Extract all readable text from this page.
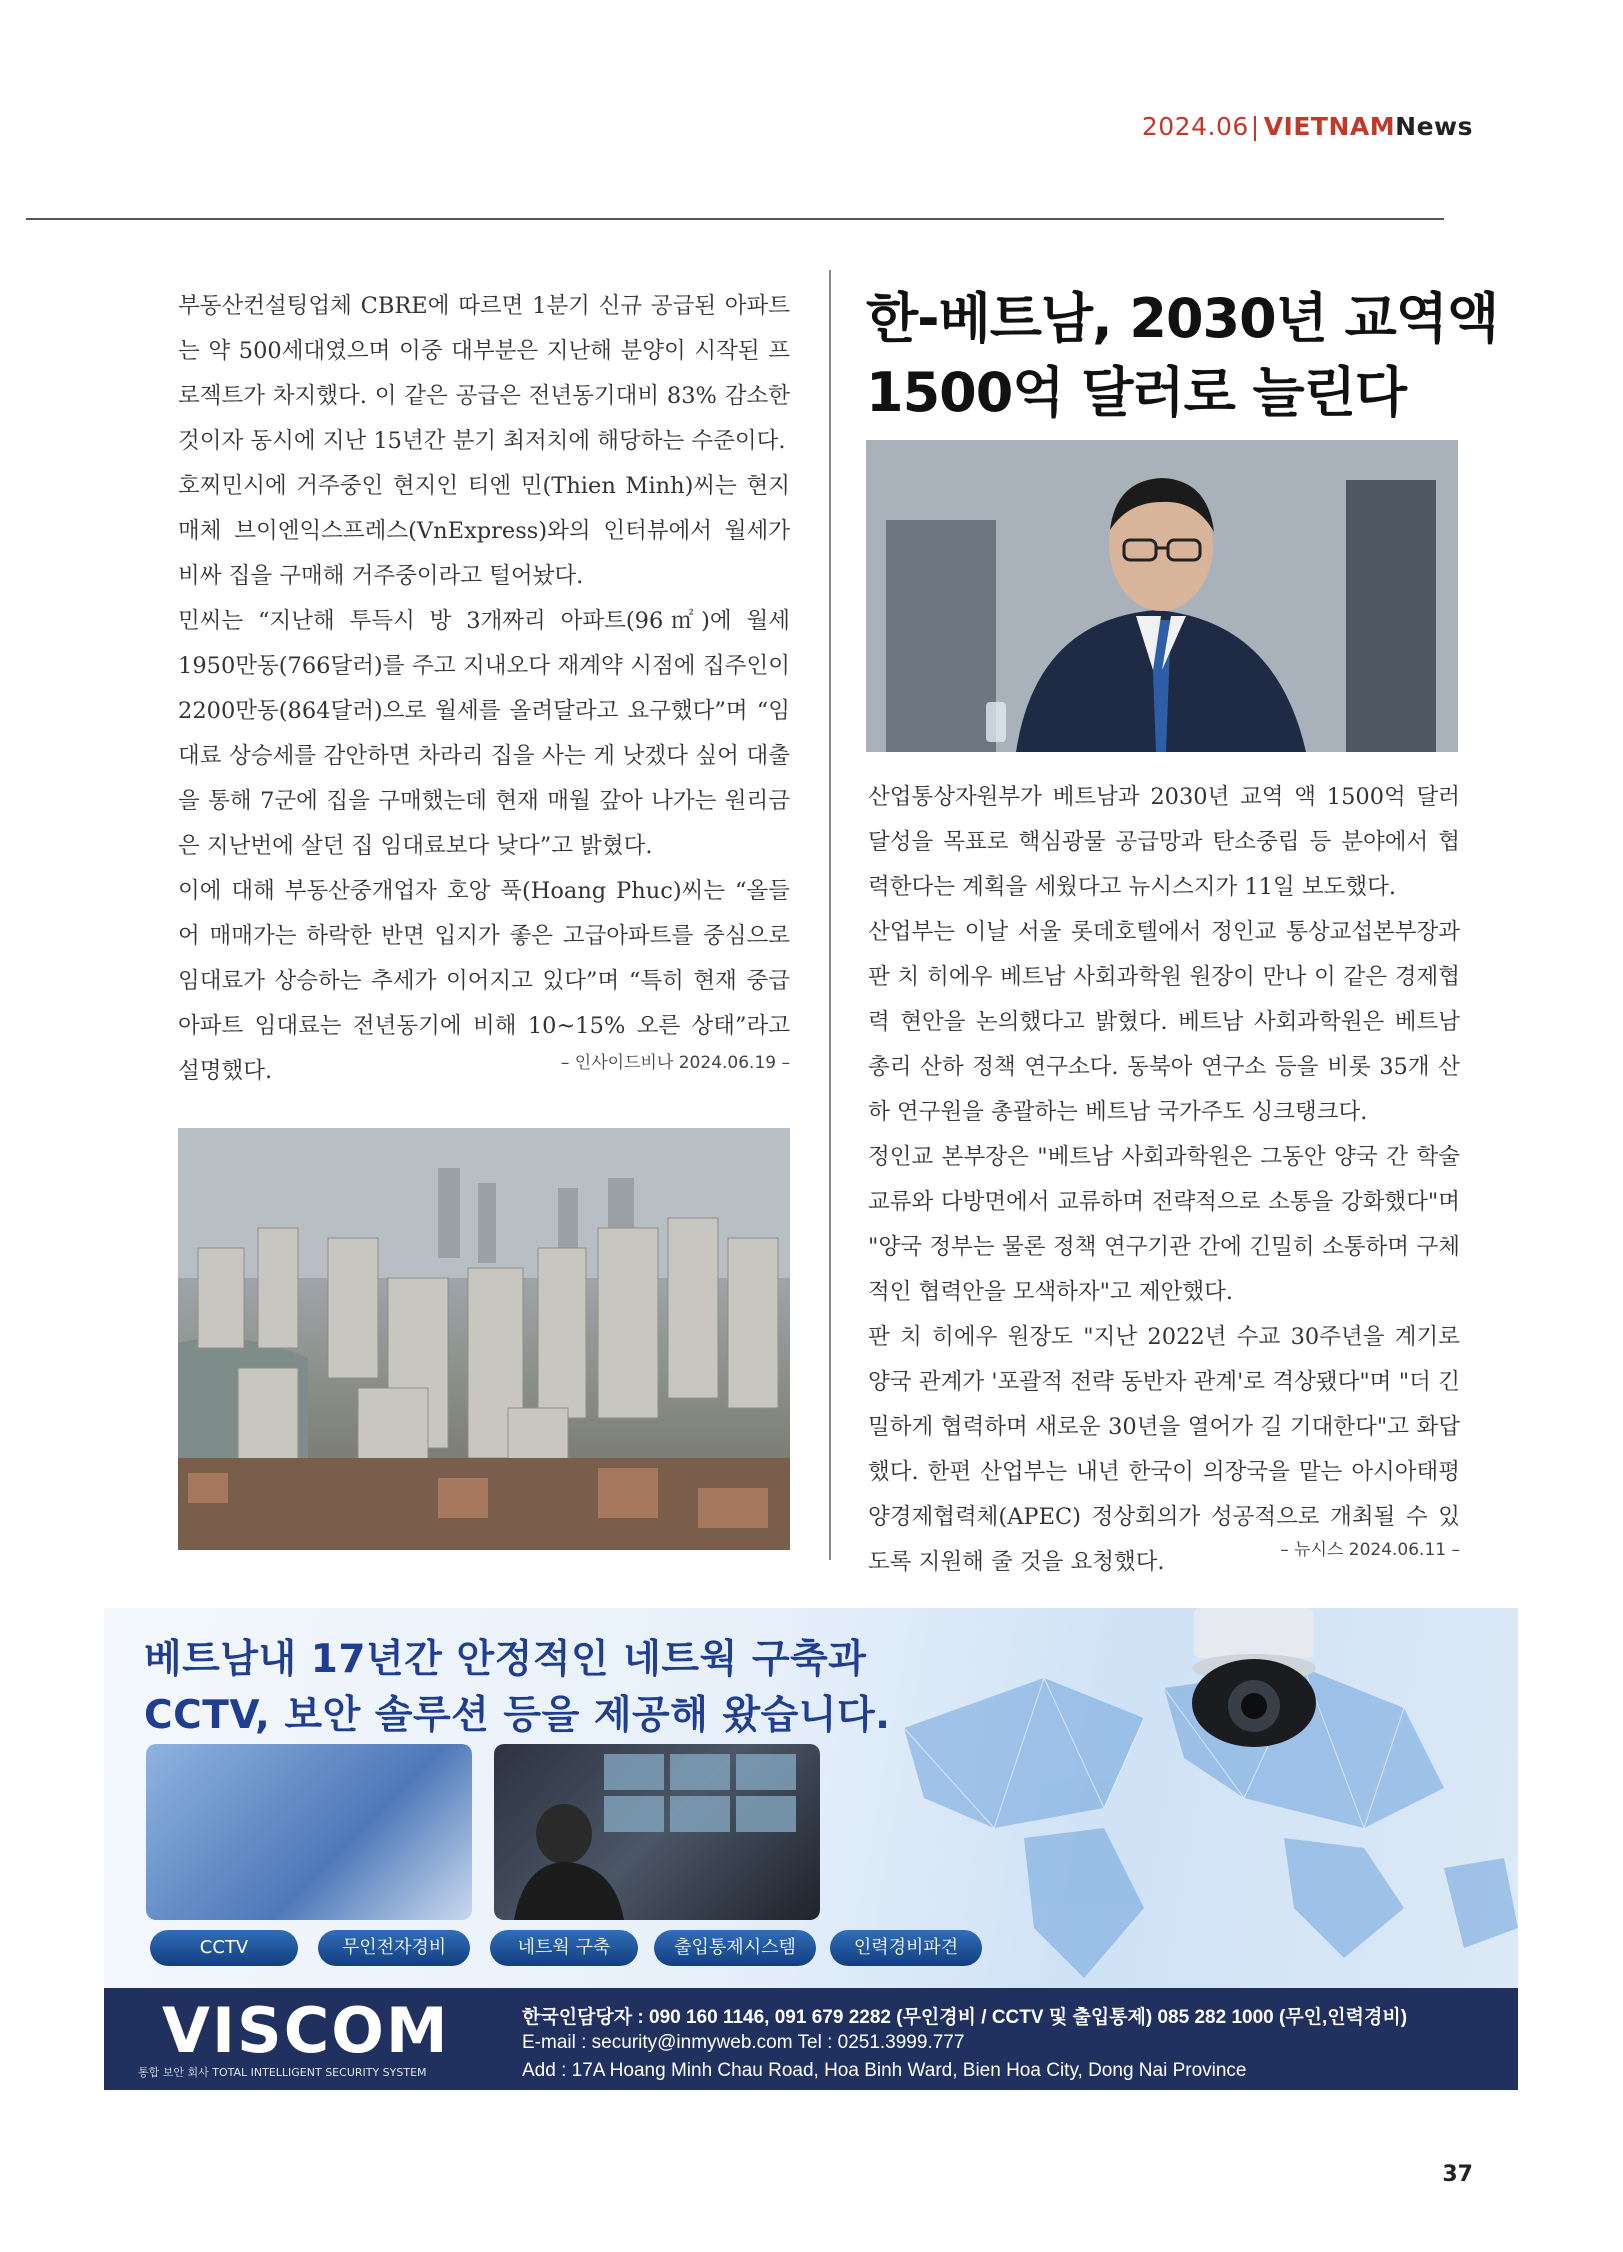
2024.06| VIETNAMNews

부동산컨설팅업체 CBRE에 따르면 1분기 신규 공급된 아파트는 약 500세대였으며 이중 대부분은 지난해 분양이 시작된 프로젝트가 차지했다. 이 같은 공급은 전년동기대비 83% 감소한 것이자 동시에 지난 15년간 분기 최저치에 해당하는 수준이다.

호찌민시에 거주중인 현지인 티엔 민(Thien Minh)씨는 현지매체 브이엔익스프레스(VnExpress)와의 인터뷰에서 월세가 비싸 집을 구매해 거주중이라고 털어놨다.

민씨는 “지난해 투득시 방 3개짜리 아파트(96㎡)에 월세 1950만동(766달러)를 주고 지내오다 재계약 시점에 집주인이 2200만동(864달러)으로 월세를 올려달라고 요구했다”며 “임대료 상승세를 감안하면 차라리 집을 사는 게 낫겠다 싶어 대출을 통해 7군에 집을 구매했는데 현재 매월 갚아 나가는 원리금은 지난번에 살던 집 임대료보다 낮다”고 밝혔다.

이에 대해 부동산중개업자 호앙 푹(Hoang Phuc)씨는 “올들어 매매가는 하락한 반면 입지가 좋은 고급아파트를 중심으로 임대료가 상승하는 추세가 이어지고 있다”며 “특히 현재 중급아파트 임대료는 전년동기에 비해 10~15% 오른 상태”라고 설명했다.	– 인사이드비나 2024.06.19 –
한-베트남, 2030년 교역액
1500억 달러로 늘린다

산업통상자원부가 베트남과 2030년 교역 액 1500억 달러 달성을 목표로 핵심광물 공급망과 탄소중립 등 분야에서 협력한다는 계획을 세웠다고 뉴시스지가 11일 보도했다.

산업부는 이날 서울 롯데호텔에서 정인교 통상교섭본부장과 판 치 히에우 베트남 사회과학원 원장이 만나 이 같은 경제협력 현안을 논의했다고 밝혔다. 베트남 사회과학원은 베트남 총리 산하 정책 연구소다. 동북아 연구소 등을 비롯 35개 산하 연구원을 총괄하는 베트남 국가주도 싱크탱크다.

정인교 본부장은 "베트남 사회과학원은 그동안 양국 간 학술교류와 다방면에서 교류하며 전략적으로 소통을 강화했다"며 "양국 정부는 물론 정책 연구기관 간에 긴밀히 소통하며 구체적인 협력안을 모색하자"고 제안했다.

판 치 히에우 원장도 "지난 2022년 수교 30주년을 계기로 양국 관계가 '포괄적 전략 동반자 관계'로 격상됐다"며 "더 긴밀하게 협력하며 새로운 30년을 열어가 길 기대한다"고 화답했다. 한편 산업부는 내년 한국이 의장국을 맡는 아시아태평양경제협력체(APEC) 정상회의가 성공적으로 개최될 수 있도록 지원해 줄 것을 요청했다.	– 뉴시스 2024.06.11 –
베트남내 17년간 안정적인 네트웍 구축과
CCTV, 보안 솔루션 등을 제공해 왔습니다.
CCTV	무인전자경비	네트웍 구축	출입통제시스템	인력경비파견
VISCOM
통합 보안 회사 TOTAL INTELLIGENT SECURITY SYSTEM
한국인담당자 : 090 160 1146, 091 679 2282 (무인경비 / CCTV 및 출입통제) 085 282 1000 (무인,인력경비)
E-mail : security@inmyweb.com Tel : 0251.3999.777
Add : 17A Hoang Minh Chau Road, Hoa Binh Ward, Bien Hoa City, Dong Nai Province
37
